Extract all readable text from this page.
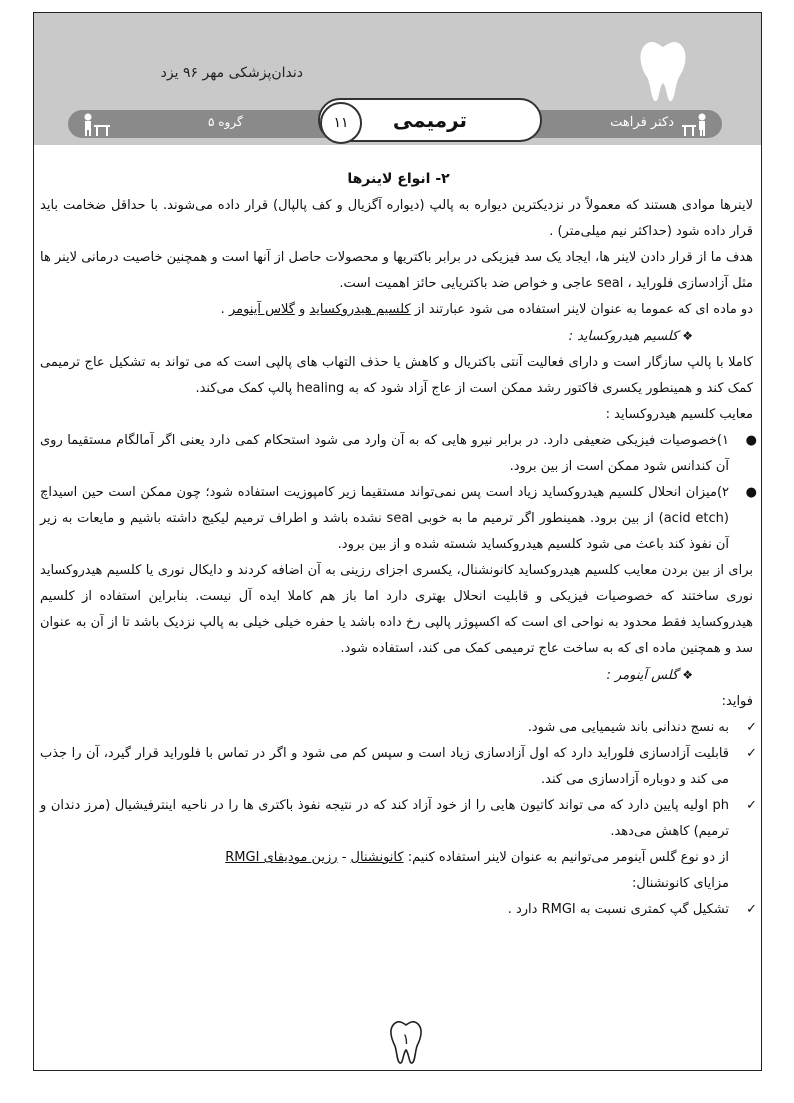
دندان‌پزشکی مهر ۹۶ یزد
دکتر فراهت
ترمیمی
۱۱
گروه ۵
۲- انواع لاینرها
لاینرها موادی هستند که معمولاً در نزدیکترین دیواره به پالپ (دیواره آگزیال و کف پالپال) قرار داده می‌شوند. با حداقل ضخامت باید قرار داده شود (حداکثر نیم میلی‌متر) .
هدف ما از قرار دادن لاینر ها، ایجاد یک سد فیزیکی در برابر باکتریها و محصولات حاصل از آنها است و همچنین خاصیت درمانی لاینر ها مثل آزادسازی فلوراید ، seal عاجی و خواص ضد باکتریایی حائز اهمیت است.
دو ماده ای که عموما به عنوان لاینر استفاده می شود عبارتند از کلسیم هیدروکساید و گلاس آینومر .
❖کلسیم هیدروکساید :
کاملا با پالپ سازگار است و دارای فعالیت آنتی باکتریال و کاهش یا حذف التهاب های پالپی است که می تواند به تشکیل عاج ترمیمی کمک کند و همینطور یکسری فاکتور رشد ممکن است از عاج آزاد شود که به healing پالپ کمک می‌کند.
معایب کلسیم هیدروکساید :
●
۱)خصوصیات فیزیکی ضعیفی دارد. در برابر نیرو هایی که به آن وارد می شود استحکام کمی دارد یعنی اگر آمالگام مستقیما روی آن کندانس شود ممکن است از بین برود.
●
۲)میزان انحلال کلسیم هیدروکساید زیاد است پس نمی‌تواند مستقیما زیر کامپوزیت استفاده شود؛ چون ممکن است حین اسیداچ (acid etch) از بین برود. همینطور اگر ترمیم ما به خوبی seal نشده باشد و اطراف ترمیم لیکیج داشته باشیم و مایعات به زیر آن نفوذ کند باعث می شود کلسیم هیدروکساید شسته شده و از بین برود.
برای از بین بردن معایب کلسیم هیدروکساید کانونشنال، یکسری اجزای رزینی به آن اضافه کردند و دایکال نوری یا کلسیم هیدروکساید نوری ساختند که خصوصیات فیزیکی و قابلیت انحلال بهتری دارد اما باز هم کاملا ایده آل نیست. بنابراین استفاده از کلسیم هیدروکساید فقط محدود به نواحی ای است که اکسپوژر پالپی رخ داده باشد یا حفره خیلی خیلی به پالپ نزدیک باشد تا از آن به عنوان سد و همچنین ماده ای که به ساخت عاج ترمیمی کمک می کند، استفاده شود.
❖گلس آینومر :
فواید:
✓
به نسج دندانی باند شیمیایی می شود.
✓
قابلیت آزادسازی فلوراید دارد که اول آزادسازی زیاد است و سپس کم می شود و اگر در تماس با فلوراید قرار گیرد، آن را جذب می کند و دوباره آزادسازی می کند.
✓
ph اولیه پایین دارد که می تواند کاتیون هایی را از خود آزاد کند که در نتیجه نفوذ باکتری ها را در ناحیه اینترفیشیال (مرز دندان و ترمیم) کاهش می‌دهد.
از دو نوع گلس آینومر می‌توانیم به عنوان لاینر استفاده کنیم: کانونشنال - رزین مودیفای RMGI
مزایای کانونشنال:
✓
تشکیل گپ کمتری نسبت به RMGI دارد .
۱
